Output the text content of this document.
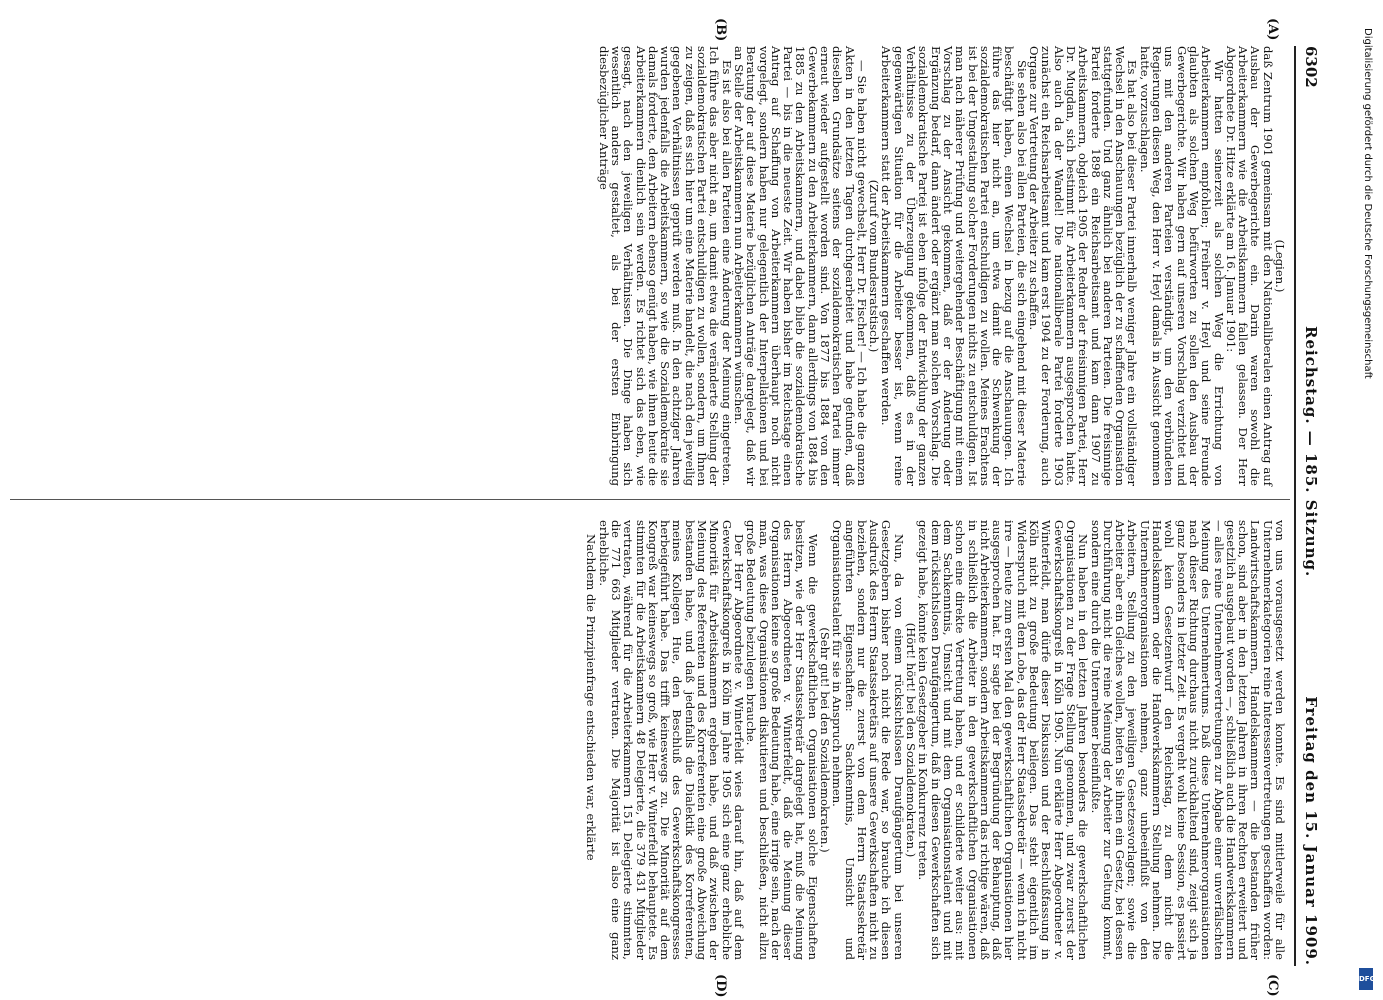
6302
Reichstag. — 185. Sitzung.
Freitag den 15. Januar 1909.
(A)
(B)
(C)
(D)

(Legien.)

daß Zentrum 1901 gemeinsam mit den Nationalliberalen einen Antrag auf Ausbau der Gewerbegerichte ein. Darin waren sowohl die Arbeiterkammern wie die Arbeitskammern fallen gelassen. Der Herr Abgeordnete Dr. Hitze erklärte am 16. Januar 1901:

Wir hatten seinerzeit als solchen Weg die Errichtung von Arbeiterkammern empfohlen; Freiherr v. Heyl und seine Freunde glaubten als solchen Weg befürworten zu sollen den Ausbau der Gewerbegerichte. Wir haben gern auf unseren Vorschlag verzichtet und uns mit den anderen Parteien verständigt, um den verbündeten Regierungen diesen Weg, den Herr v. Heyl damals in Aussicht genommen hatte, vorzuschlagen.

Es hat also bei dieser Partei innerhalb weniger Jahre ein vollständiger Wechsel in den Anschauungen bezüglich der zu schaffenden Organisation stattgefunden. Und ganz ähnlich bei anderen Parteien. Die freisinnige Partei forderte 1898 ein Reichsarbeitsamt und kam dann 1907 zu Arbeitskammern, obgleich 1905 der Redner der freisinnigen Partei, Herr Dr. Mugdan, sich bestimmt für Arbeiterkammern ausgesprochen hatte. Also auch da der Wandel! Die nationalliberale Partei forderte 1903 zunächst ein Reichsarbeitsamt und kam erst 1904 zu der Forderung, auch Organe zur Vertretung der Arbeiter zu schaffen.

Sie sehen also bei allen Parteien, die sich eingehend mit dieser Materie beschäftigt haben, einen Wechsel in bezug auf die Anschauungen. Ich führe das hier nicht an, um etwa damit die Schwenkung der sozialdemokratischen Partei entschuldigen zu wollen. Meines Erachtens ist bei der Umgestaltung solcher Forderungen nichts zu entschuldigen. Ist man nach näherer Prüfung und weitergehender Beschäftigung mit einem Vorschlag zu der Ansicht gekommen, daß er der Änderung oder Ergänzung bedarf, dann ändert oder ergänzt man solchen Vorschlag. Die sozialdemokratische Partei ist eben infolge der Entwicklung der ganzen Verhältnisse zu der Überzeugung gekommen, daß es in der gegenwärtigen Situation für die Arbeiter besser ist, wenn reine Arbeiterkammern statt der Arbeitskammern geschaffen werden.

(Zuruf vom Bundesratstisch.)

— Sie haben nicht gewechselt, Herr Dr. Fischer! — Ich habe die ganzen Akten in den letzten Tagen durchgearbeitet und habe gefunden, daß dieselben Grundsätze seitens der sozialdemokratischen Partei immer erneut wieder aufgestellt worden sind. Von 1877 bis 1884 von den Gewerbekammern zu den Arbeiterkammern, dann allerdings von 1884 bis 1885 zu den Arbeitskammern, und dabei blieb die sozialdemokratische Partei — bis in die neueste Zeit. Wir haben bisher im Reichstage einen Antrag auf Schaffung von Arbeiterkammern überhaupt noch nicht vorgelegt, sondern haben nur gelegentlich der Interpellationen und bei Beratung der auf diese Materie bezüglichen Anträge dargelegt, daß wir an Stelle der Arbeitskammern nun Arbeiterkammern wünschen.

Es ist also bei allen Parteien eine Änderung der Meinung eingetreten. Ich führe das aber nicht an, um damit etwa die veränderte Stellung der sozialdemokratischen Partei entschuldigen zu wollen, sondern, um Ihnen zu zeigen, daß es sich hier um eine Materie handelt, die nach den jeweilig gegebenen Verhältnissen geprüft werden muß. In den achtziger Jahren wurden jedenfalls die Arbeitskammern, so wie die Sozialdemokratie sie damals forderte, den Arbeitern ebenso genügt haben, wie ihnen heute die Arbeiterkammern dienlich sein werden. Es richtet sich das eben, wie gesagt, nach den jeweiligen Verhältnissen. Die Dinge haben sich wesentlich anders gestaltet, als bei der ersten Einbringung diesbezüglicher Anträge

von uns vorausgesetzt werden konnte. Es sind mittlerweile für alle Unternehmerkategorien reine Interessenvertretungen geschaffen worden: Landwirtschaftskammern, Handelskammern — die bestanden früher schon, sind aber in den letzten Jahren in ihren Rechten erweitert und gesetzlich ausgebaut worden —, schließlich auch die Handwerkskammern — alles reine Unternehmervertretungen zur Abgabe einer unverfälschten Meinung des Unternehmertums. Daß diese Unternehmerorganisationen nach dieser Richtung durchaus nicht zurückhaltend sind, zeigt sich ja ganz besonders in letzter Zeit. Es vergeht wohl keine Session, es passiert wohl kein Gesetzentwurf den Reichstag, zu dem nicht die Handelskammern oder die Handwerkskammern Stellung nehmen. Die Unternehmerorganisationen nehmen, ganz unbeeinflußt von den Arbeitern, Stellung zu den jeweiligen Gesetzesvorlagen; sowie die Arbeiter aber ein Gleiches wollen, bieten Sie ihnen ein Gesetz, bei dessen Durchführung nicht die reine Meinung der Arbeiter zur Geltung kommt, sondern eine durch die Unternehmer beeinflußte.

Nun haben in den letzten Jahren besonders die gewerkschaftlichen Organisationen zu der Frage Stellung genommen, und zwar zuerst der Gewerkschaftskongreß in Köln 1905. Nun erklärte Herr Abgeordneter v. Winterfeldt, man dürfe dieser Diskussion und der Beschlußfassung in Köln nicht zu große Bedeutung beilegen. Das steht eigentlich im Widerspruch mit dem Lobe, das der Herr Staatssekretär — wenn ich nicht irre — heute zum ersten Mal den gewerkschaftlichen Organisationen hier ausgesprochen hat. Er sagte bei der Begründung der Behauptung, daß nicht Arbeiterkammern, sondern Arbeitskammern das richtige wären, daß in schließlich die Arbeiter in den gewerkschaftlichen Organisationen schon eine direkte Vertretung haben, und er schilderte weiter aus: mit dem Sachkenntnis, Umsicht und mit dem Organisationstalent und mit dem rücksichtslosen Draufgängertum, daß in diesen Gewerkschaften sich gezeigt habe, könnte kein Gesetzgeber in Konkurrenz treten.

(Hört! hört! bei den Sozialdemokraten.)

Nun, da von einem rücksichtslosen Draufgängertum bei unseren Gesetzgebern bisher noch nicht die Rede war, so brauche ich diesen Ausdruck des Herrn Staatssekretärs auf unsere Gewerkschaften nicht zu beziehen, sondern nur die zuerst von dem Herrn Staatssekretär angeführten Eigenschaften: Sachkenntnis, Umsicht und Organisationstalent für sie in Anspruch nehmen.

(Sehr gut! bei den Sozialdemokraten.)

Wenn die gewerkschaftlichen Organisationen solche Eigenschaften besitzen, wie der Herr Staatssekretär dargelegt hat, muß die Meinung des Herrn Abgeordneten v. Winterfeldt, daß die Meinung dieser Organisationen keine so große Bedeutung habe, eine irrige sein, nach der man, was diese Organisationen diskutieren und beschließen, nicht allzu große Bedeutung beizulegen brauche.

Der Herr Abgeordnete v. Winterfeldt wies darauf hin, daß auf dem Gewerkschaftskongreß in Köln im Jahre 1905 sich eine ganz erhebliche Minorität für Arbeitskammern ergeben habe, und daß zwischen der Meinung des Referenten und des Korreferenten eine große Abweichung bestanden habe, und daß jedenfalls die Dialektik des Korreferenten, meines Kollegen Hue, den Beschluß des Gewerkschaftskongresses herbeigeführt habe. Das trifft keineswegs zu. Die Minorität auf dem Kongreß war keineswegs so groß, wie Herr v. Winterfeldt behauptete. Es stimmten für die Arbeitskammern 48 Delegierte, die 379 431 Mitglieder vertraten, während für die Arbeiterkammern 151 Delegierte stimmten, die 771 663 Mitglieder vertraten. Die Majorität ist also eine ganz erhebliche.

Nachdem die Prinzipienfrage entschieden war, erklärte

Digitalisierung gefördert durch die Deutsche Forschungsgemeinschaft
DFG
